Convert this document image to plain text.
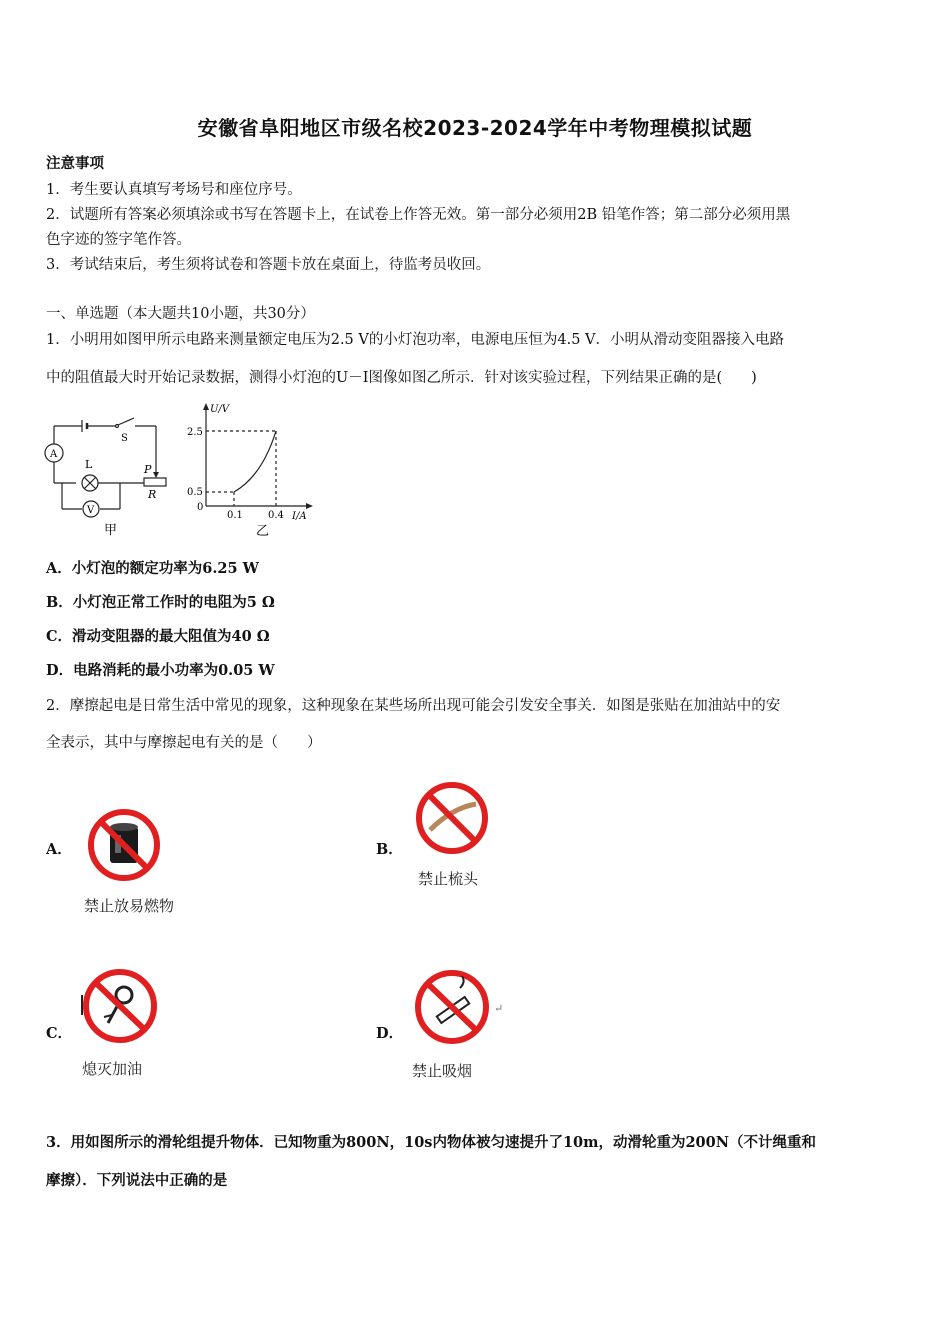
安徽省阜阳地区市级名校2023-2024学年中考物理模拟试题
注意事项
1．考生要认真填写考场号和座位序号。
2．试题所有答案必须填涂或书写在答题卡上，在试卷上作答无效。第一部分必须用2B 铅笔作答；第二部分必须用黑
色字迹的签字笔作答。
3．考试结束后，考生须将试卷和答题卡放在桌面上，待监考员收回。
一、单选题（本大题共10小题，共30分）
1．小明用如图甲所示电路来测量额定电压为2.5 V的小灯泡功率，电源电压恒为4.5 V．小明从滑动变阻器接入电路
中的阻值最大时开始记录数据，测得小灯泡的U－I图像如图乙所示．针对该实验过程，下列结果正确的是(　　)
A
S
L	P
R
V
甲
U/V
2.5
0.5
0
0.1	0.4 I/A
乙
A．小灯泡的额定功率为6.25 W
B．小灯泡正常工作时的电阻为5 Ω
C．滑动变阻器的最大阻值为40 Ω
D．电路消耗的最小功率为0.05 W
2．摩擦起电是日常生活中常见的现象，这种现象在某些场所出现可能会引发安全事关．如图是张贴在加油站中的安
全表示，其中与摩擦起电有关的是（　　）
A．
禁止放易燃物
B．
禁止梳头
C．
熄灭加油
D．
↵
禁止吸烟
3．用如图所示的滑轮组提升物体．已知物重为800N，10s内物体被匀速提升了10m，动滑轮重为200N（不计绳重和
摩擦）．下列说法中正确的是
